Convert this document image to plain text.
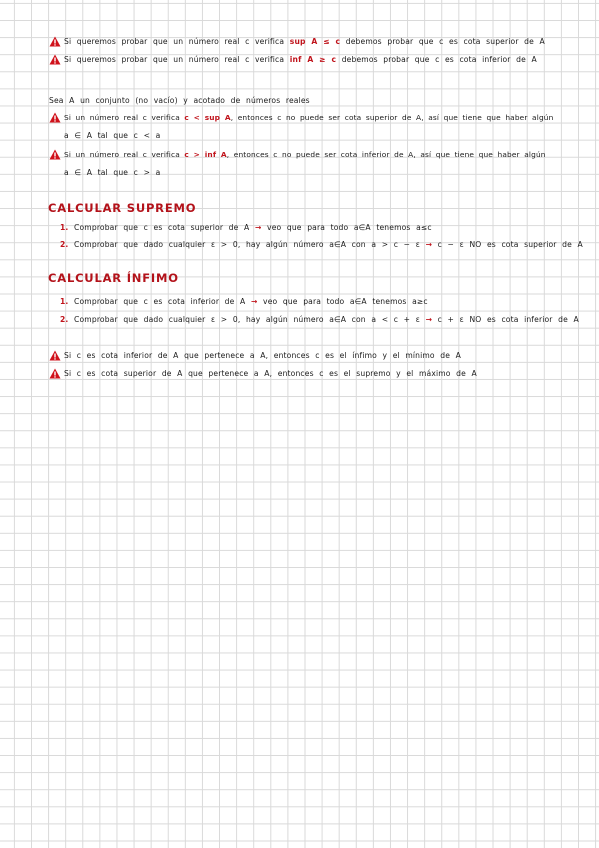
Si queremos probar que un número real c verifica sup A ≤ c debemos probar que c es cota superior de A
Si queremos probar que un número real c verifica inf A ≥ c debemos probar que c es cota inferior de A
Sea A un conjunto (no vacío) y acotado de números reales
Si un número real c verifica c < sup A, entonces c no puede ser cota superior de A, así que tiene que haber algún
a ∈ A tal que c < a
Si un número real c verifica c > inf A, entonces c no puede ser cota inferior de A, así que tiene que haber algún
a ∈ A tal que c > a
CALCULAR SUPREMO
1. Comprobar que c es cota superior de A → veo que para todo a∈A tenemos a≤c
2. Comprobar que dado cualquier ε > 0, hay algún número a∈A con a > c − ε → c − ε NO es cota superior de A
CALCULAR ÍNFIMO
1. Comprobar que c es cota inferior de A → veo que para todo a∈A tenemos a≥c
2. Comprobar que dado cualquier ε > 0, hay algún número a∈A con a < c + ε → c + ε NO es cota inferior de A
Si c es cota inferior de A que pertenece a A, entonces c es el ínfimo y el mínimo de A
Si c es cota superior de A que pertenece a A, entonces c es el supremo y el máximo de A
